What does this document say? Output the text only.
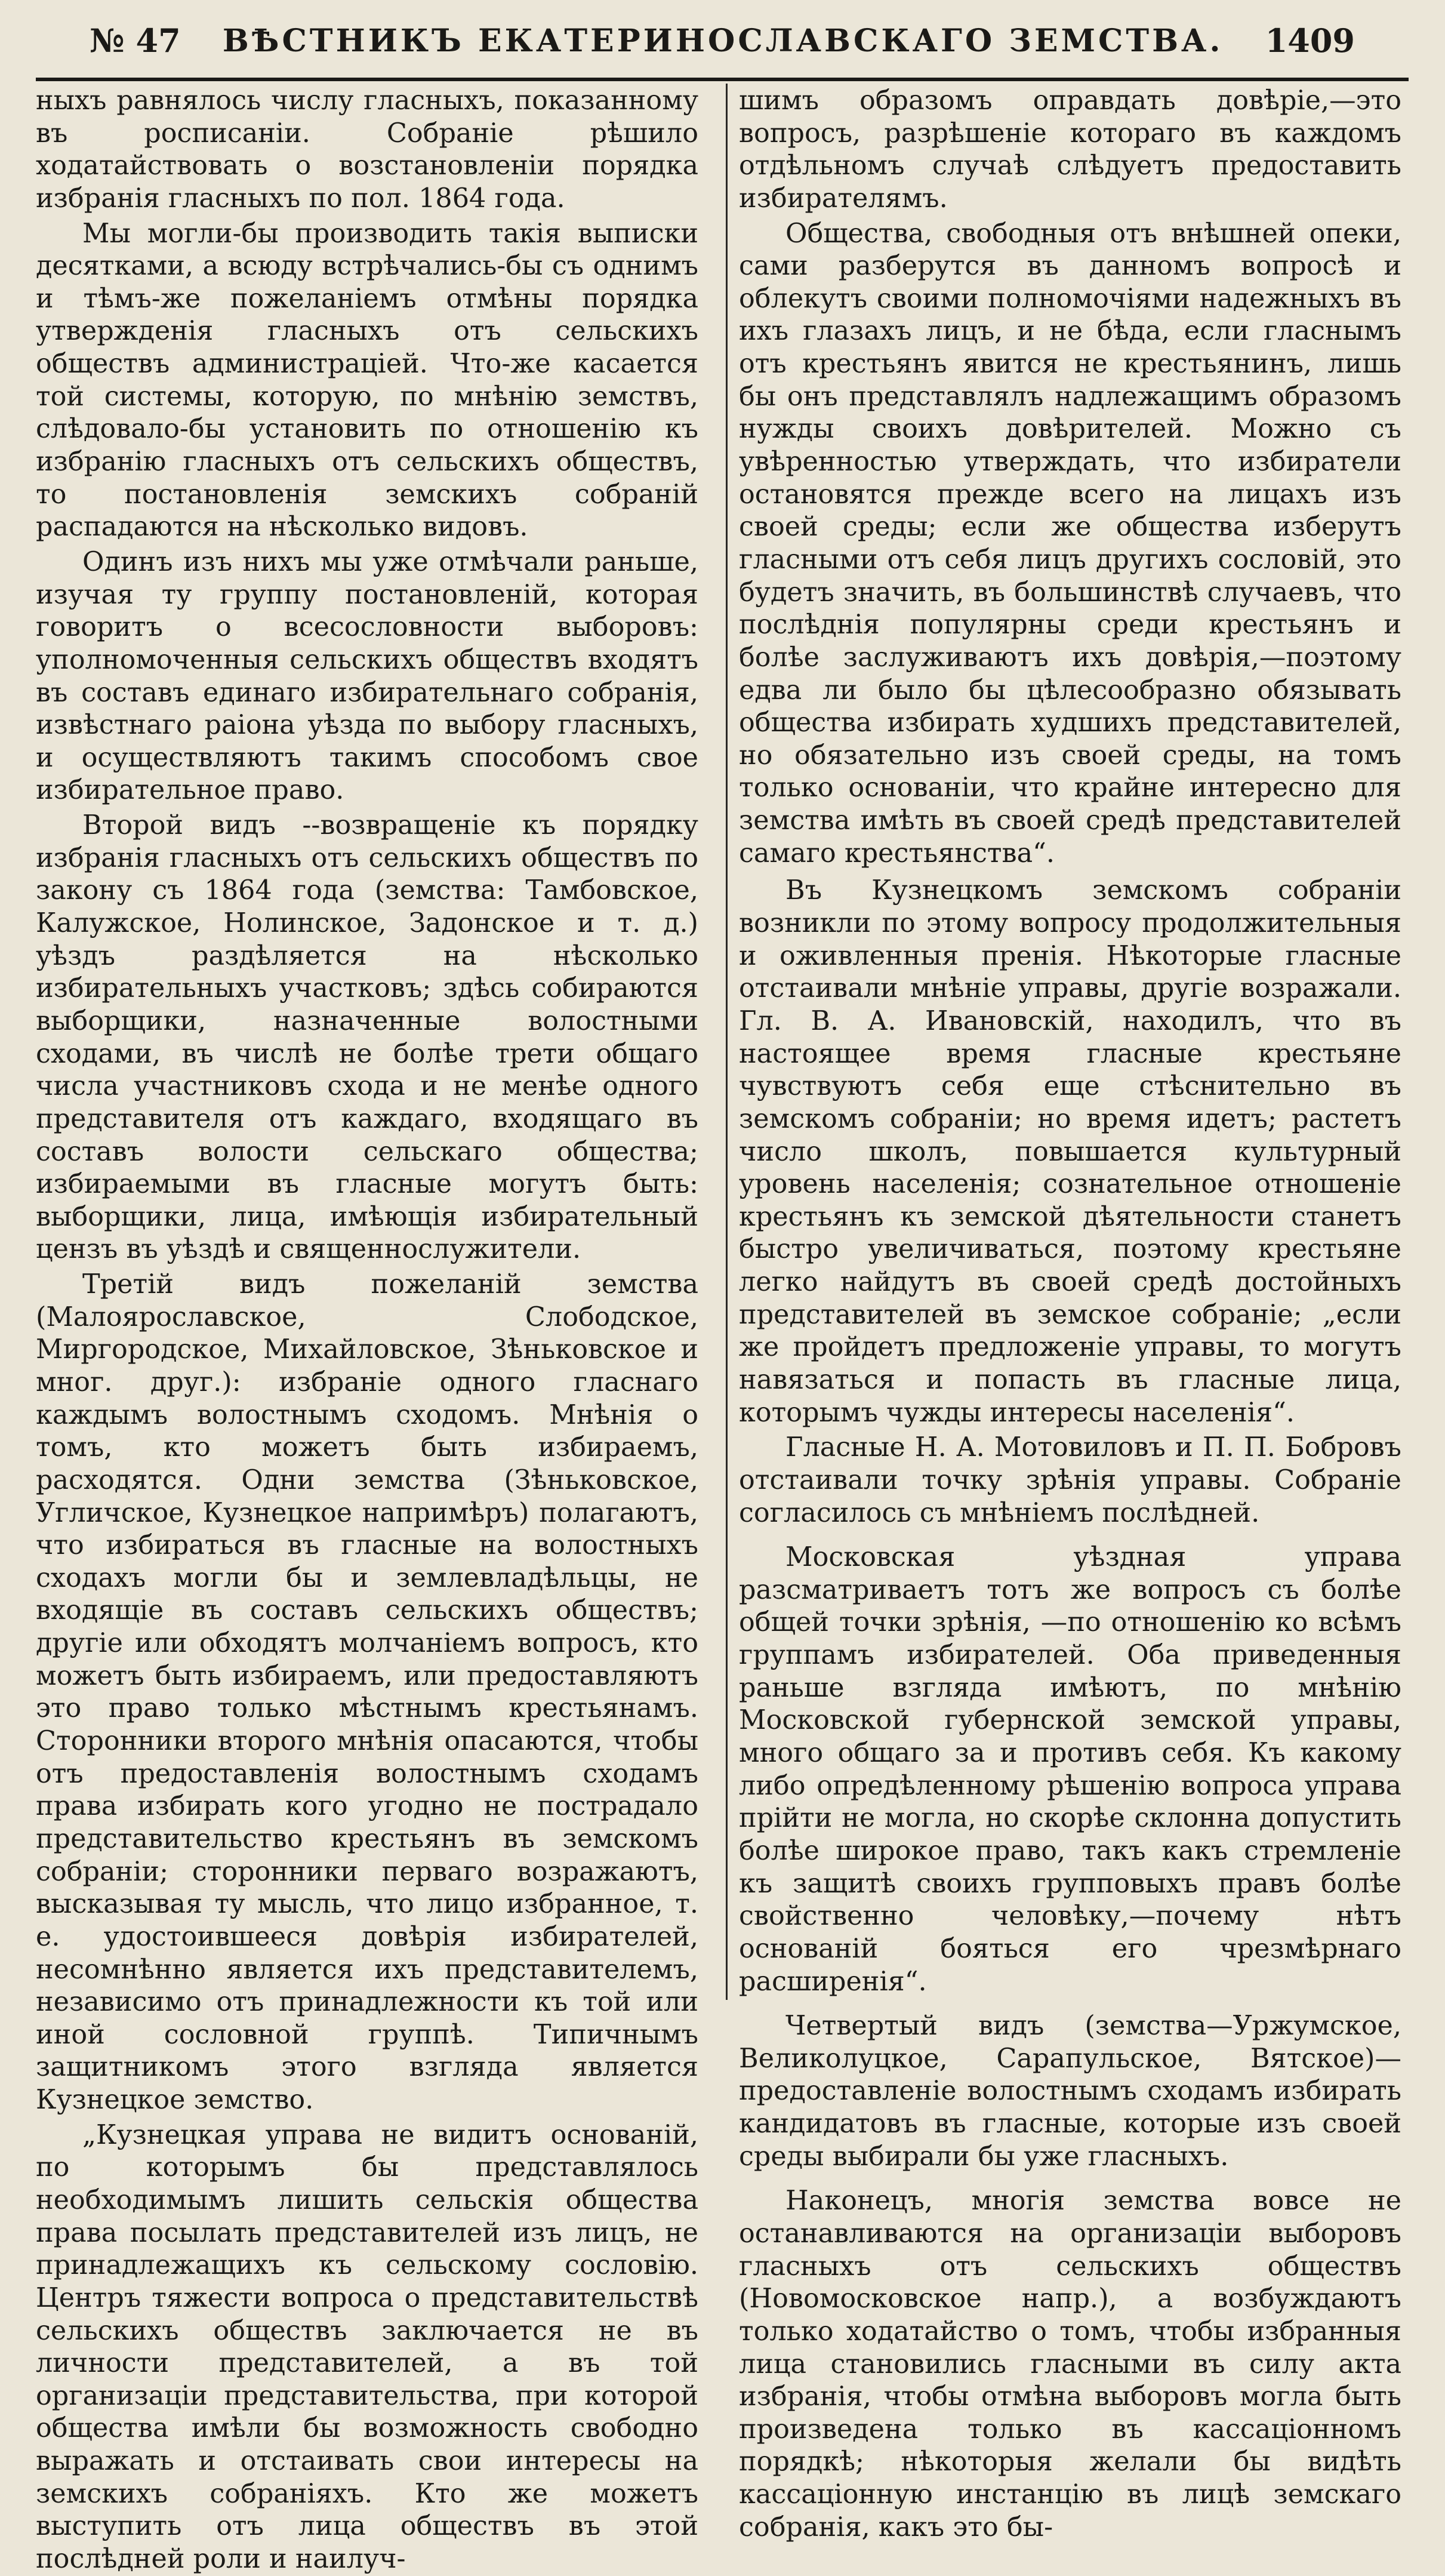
№ 47 ВѢСТНИКЪ ЕКАТЕРИНОСЛАВСКАГО ЗЕМСТВА. 1409

ныхъ равнялось числу гласныхъ, показанному въ росписаніи. Собраніе рѣшило ходатайствовать о возстановленіи порядка избранія гласныхъ по пол. 1864 года.

Мы могли-бы производить такія выписки десятками, а всюду встрѣчались-бы съ однимъ и тѣмъ-же пожеланіемъ отмѣны порядка утвержденія гласныхъ отъ сельскихъ обществъ администраціей. Что-же касается той системы, которую, по мнѣнію земствъ, слѣдовало-бы установить по отношенію къ избранію гласныхъ отъ сельскихъ обществъ, то постановленія земскихъ собраній распадаются на нѣсколько видовъ.

Одинъ изъ нихъ мы уже отмѣчали раньше, изучая ту группу постановленій, которая говоритъ о всесословности выборовъ: уполномоченныя сельскихъ обществъ входятъ въ составъ единаго избирательнаго собранія, извѣстнаго раіона уѣзда по выбору гласныхъ, и осуществляютъ такимъ способомъ свое избирательное право.

Второй видъ --возвращеніе къ порядку избранія гласныхъ отъ сельскихъ обществъ по закону съ 1864 года (земства: Тамбовское, Калужское, Нолинское, Задонское и т. д.) уѣздъ раздѣляется на нѣсколько избирательныхъ участковъ; здѣсь собираются выборщики, назначенные волостными сходами, въ числѣ не болѣе трети общаго числа участниковъ схода и не менѣе одного представителя отъ каждаго, входящаго въ составъ волости сельскаго общества; избираемыми въ гласные могутъ быть: выборщики, лица, имѣющія избирательный цензъ въ уѣздѣ и священнослужители.

Третій видъ пожеланій земства (Малоярославское, Слободское, Миргородское, Михайловское, Зѣньковское и мног. друг.): избраніе одного гласнаго каждымъ волостнымъ сходомъ. Мнѣнія о томъ, кто можетъ быть избираемъ, расходятся. Одни земства (Зѣньковское, Угличское, Кузнецкое напримѣръ) полагаютъ, что избираться въ гласные на волостныхъ сходахъ могли бы и землевладѣльцы, не входящіе въ составъ сельскихъ обществъ; другіе или обходятъ молчаніемъ вопросъ, кто можетъ быть избираемъ, или предоставляютъ это право только мѣстнымъ крестьянамъ. Сторонники второго мнѣнія опасаются, чтобы отъ предоставленія волостнымъ сходамъ права избирать кого угодно не пострадало представительство крестьянъ въ земскомъ собраніи; сторонники перваго возражаютъ, высказывая ту мысль, что лицо избранное, т. е. удостоившееся довѣрія избирателей, несомнѣнно является ихъ представителемъ, независимо отъ принадлежности къ той или иной сословной группѣ. Типичнымъ защитникомъ этого взгляда является Кузнецкое земство.

„Кузнецкая управа не видитъ основаній, по которымъ бы представлялось необходимымъ лишить сельскія общества права посылать представителей изъ лицъ, не принадлежащихъ къ сельскому сословію. Центръ тяжести вопроса о представительствѣ сельскихъ обществъ заключается не въ личности представителей, а въ той организаціи представительства, при которой общества имѣли бы возможность свободно выражать и отстаивать свои интересы на земскихъ собраніяхъ. Кто же можетъ выступить отъ лица обществъ въ этой послѣдней роли и наилуч-

шимъ образомъ оправдать довѣріе,—это вопросъ, разрѣшеніе котораго въ каждомъ отдѣльномъ случаѣ слѣдуетъ предоставить избирателямъ.

Общества, свободныя отъ внѣшней опеки, сами разберутся въ данномъ вопросѣ и облекутъ своими полномочіями надежныхъ въ ихъ глазахъ лицъ, и не бѣда, если гласнымъ отъ крестьянъ явится не крестьянинъ, лишь бы онъ представлялъ надлежащимъ образомъ нужды своихъ довѣрителей. Можно съ увѣренностью утверждать, что избиратели остановятся прежде всего на лицахъ изъ своей среды; если же общества изберутъ гласными отъ себя лицъ другихъ сословій, это будетъ значить, въ большинствѣ случаевъ, что послѣднія популярны среди крестьянъ и болѣе заслуживаютъ ихъ довѣрія,—поэтому едва ли было бы цѣлесообразно обязывать общества избирать худшихъ представителей, но обязательно изъ своей среды, на томъ только основаніи, что крайне интересно для земства имѣть въ своей средѣ представителей самаго крестьянства“.

Въ Кузнецкомъ земскомъ собраніи возникли по этому вопросу продолжительныя и оживленныя пренія. Нѣкоторые гласные отстаивали мнѣніе управы, другіе возражали. Гл. В. А. Ивановскій, находилъ, что въ настоящее время гласные крестьяне чувствуютъ себя еще стѣснительно въ земскомъ собраніи; но время идетъ; растетъ число школъ, повышается культурный уровень населенія; сознательное отношеніе крестьянъ къ земской дѣятельности станетъ быстро увеличиваться, поэтому крестьяне легко найдутъ въ своей средѣ достойныхъ представителей въ земское собраніе; „если же пройдетъ предложеніе управы, то могутъ навязаться и попасть въ гласные лица, которымъ чужды интересы населенія“.

Гласные Н. А. Мотовиловъ и П. П. Бобровъ отстаивали точку зрѣнія управы. Собраніе согласилось съ мнѣніемъ послѣдней.

Московская уѣздная управа разсматриваетъ тотъ же вопросъ съ болѣе общей точки зрѣнія, —по отношенію ко всѣмъ группамъ избирателей. Оба приведенныя раньше взгляда имѣютъ, по мнѣнію Московской губернской земской управы, много общаго за и противъ себя. Къ какому либо опредѣленному рѣшенію вопроса управа прійти не могла, но скорѣе склонна допустить болѣе широкое право, такъ какъ стремленіе къ защитѣ своихъ групповыхъ правъ болѣе свойственно человѣку,—почему нѣтъ основаній бояться его чрезмѣрнаго расширенія“.

Четвертый видъ (земства—Уржумское, Великолуцкое, Сарапульское, Вятское)—предоставленіе волостнымъ сходамъ избирать кандидатовъ въ гласные, которые изъ своей среды выбирали бы уже гласныхъ.

Наконецъ, многія земства вовсе не останавливаются на организаціи выборовъ гласныхъ отъ сельскихъ обществъ (Новомосковское напр.), а возбуждаютъ только ходатайство о томъ, чтобы избранныя лица становились гласными въ силу акта избранія, чтобы отмѣна выборовъ могла быть произведена только въ кассаціонномъ порядкѣ; нѣкоторыя желали бы видѣть кассаціонную инстанцію въ лицѣ земскаго собранія, какъ это бы-
